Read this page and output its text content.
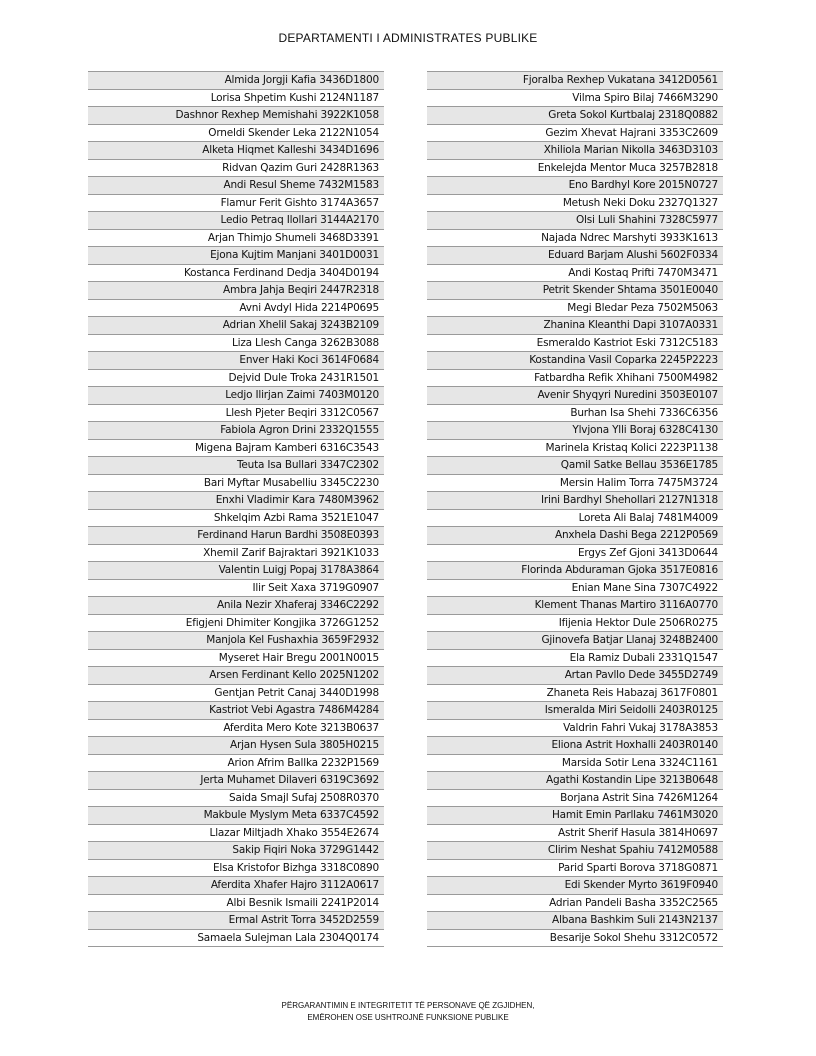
DEPARTAMENTI I ADMINISTRATES PUBLIKE
Almida Jorgji Kafia 3436D1800
Lorisa Shpetim Kushi 2124N1187
Dashnor Rexhep Memishahi 3922K1058
Orneldi Skender Leka 2122N1054
Alketa Hiqmet Kalleshi 3434D1696
Ridvan Qazim Guri 2428R1363
Andi Resul Sheme 7432M1583
Flamur Ferit Gishto 3174A3657
Ledio Petraq Ilollari 3144A2170
Arjan Thimjo Shumeli 3468D3391
Ejona Kujtim Manjani 3401D0031
Kostanca Ferdinand Dedja 3404D0194
Ambra Jahja Beqiri 2447R2318
Avni Avdyl Hida 2214P0695
Adrian Xhelil Sakaj 3243B2109
Liza Llesh Canga 3262B3088
Enver Haki Koci 3614F0684
Dejvid Dule Troka 2431R1501
Ledjo Ilirjan Zaimi 7403M0120
Llesh Pjeter Beqiri 3312C0567
Fabiola Agron Drini 2332Q1555
Migena Bajram Kamberi 6316C3543
Teuta Isa Bullari 3347C2302
Bari Myftar Musabelliu 3345C2230
Enxhi Vladimir Kara 7480M3962
Shkelqim Azbi Rama 3521E1047
Ferdinand Harun Bardhi 3508E0393
Xhemil Zarif Bajraktari 3921K1033
Valentin Luigj Popaj 3178A3864
Ilir Seit Xaxa 3719G0907
Anila Nezir Xhaferaj 3346C2292
Efigjeni Dhimiter Kongjika 3726G1252
Manjola Kel Fushaxhia 3659F2932
Myseret Hair Bregu 2001N0015
Arsen Ferdinant Kello 2025N1202
Gentjan Petrit Canaj 3440D1998
Kastriot Vebi Agastra 7486M4284
Aferdita Mero Kote 3213B0637
Arjan Hysen Sula 3805H0215
Arion Afrim Ballka 2232P1569
Jerta Muhamet Dilaveri 6319C3692
Saida Smajl Sufaj 2508R0370
Makbule Myslym Meta 6337C4592
Llazar Miltjadh Xhako 3554E2674
Sakip Fiqiri Noka 3729G1442
Elsa Kristofor Bizhga 3318C0890
Aferdita Xhafer Hajro 3112A0617
Albi Besnik Ismaili 2241P2014
Ermal Astrit Torra 3452D2559
Samaela Sulejman Lala 2304Q0174
Fjoralba Rexhep Vukatana 3412D0561
Vilma Spiro Bilaj 7466M3290
Greta Sokol Kurtbalaj 2318Q0882
Gezim Xhevat Hajrani 3353C2609
Xhiliola Marian Nikolla 3463D3103
Enkelejda Mentor Muca 3257B2818
Eno Bardhyl Kore 2015N0727
Metush Neki Doku 2327Q1327
Olsi Luli Shahini 7328C5977
Najada Ndrec Marshyti 3933K1613
Eduard Barjam Alushi 5602F0334
Andi Kostaq Prifti 7470M3471
Petrit Skender Shtama 3501E0040
Megi Bledar Peza 7502M5063
Zhanina Kleanthi Dapi 3107A0331
Esmeraldo Kastriot Eski 7312C5183
Kostandina Vasil Coparka 2245P2223
Fatbardha Refik Xhihani 7500M4982
Avenir Shyqyri Nuredini 3503E0107
Burhan Isa Shehi 7336C6356
Ylvjona Ylli Boraj 6328C4130
Marinela Kristaq Kolici 2223P1138
Qamil Satke Bellau 3536E1785
Mersin Halim Torra 7475M3724
Irini Bardhyl Shehollari 2127N1318
Loreta Ali Balaj 7481M4009
Anxhela Dashi Bega 2212P0569
Ergys Zef Gjoni 3413D0644
Florinda Abduraman Gjoka 3517E0816
Enian Mane Sina 7307C4922
Klement Thanas Martiro 3116A0770
Ifijenia Hektor Dule 2506R0275
Gjinovefa Batjar Llanaj 3248B2400
Ela Ramiz Dubali 2331Q1547
Artan Pavllo Dede 3455D2749
Zhaneta Reis Habazaj 3617F0801
Ismeralda Miri Seidolli 2403R0125
Valdrin Fahri Vukaj 3178A3853
Eliona Astrit Hoxhalli 2403R0140
Marsida Sotir Lena 3324C1161
Agathi Kostandin Lipe 3213B0648
Borjana Astrit Sina 7426M1264
Hamit Emin Parllaku 7461M3020
Astrit Sherif Hasula 3814H0697
Clirim Neshat Spahiu 7412M0588
Parid Sparti Borova 3718G0871
Edi Skender Myrto 3619F0940
Adrian Pandeli Basha 3352C2565
Albana Bashkim Suli 2143N2137
Besarije Sokol Shehu 3312C0572
PËRGARANTIMIN E INTEGRITETIT TË PERSONAVE QË ZGJIDHEN,
EMËROHEN OSE USHTROJNË FUNKSIONE PUBLIKE
